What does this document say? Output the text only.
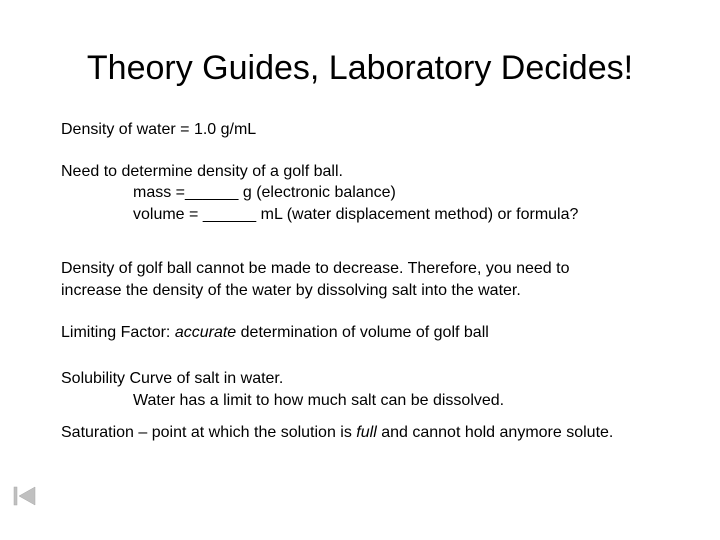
Theory Guides, Laboratory Decides!
Density of water = 1.0 g/mL
Need to determine density of a golf ball.
mass =______ g (electronic balance)
volume = ______ mL (water displacement method) or formula?
Density of golf ball cannot be made to decrease. Therefore, you need to
increase the density of the water by dissolving salt into the water.
Limiting Factor: accurate determination of volume of golf ball
Solubility Curve of salt in water.
Water has a limit to how much salt can be dissolved.
Saturation – point at which the solution is full and cannot hold anymore solute.
